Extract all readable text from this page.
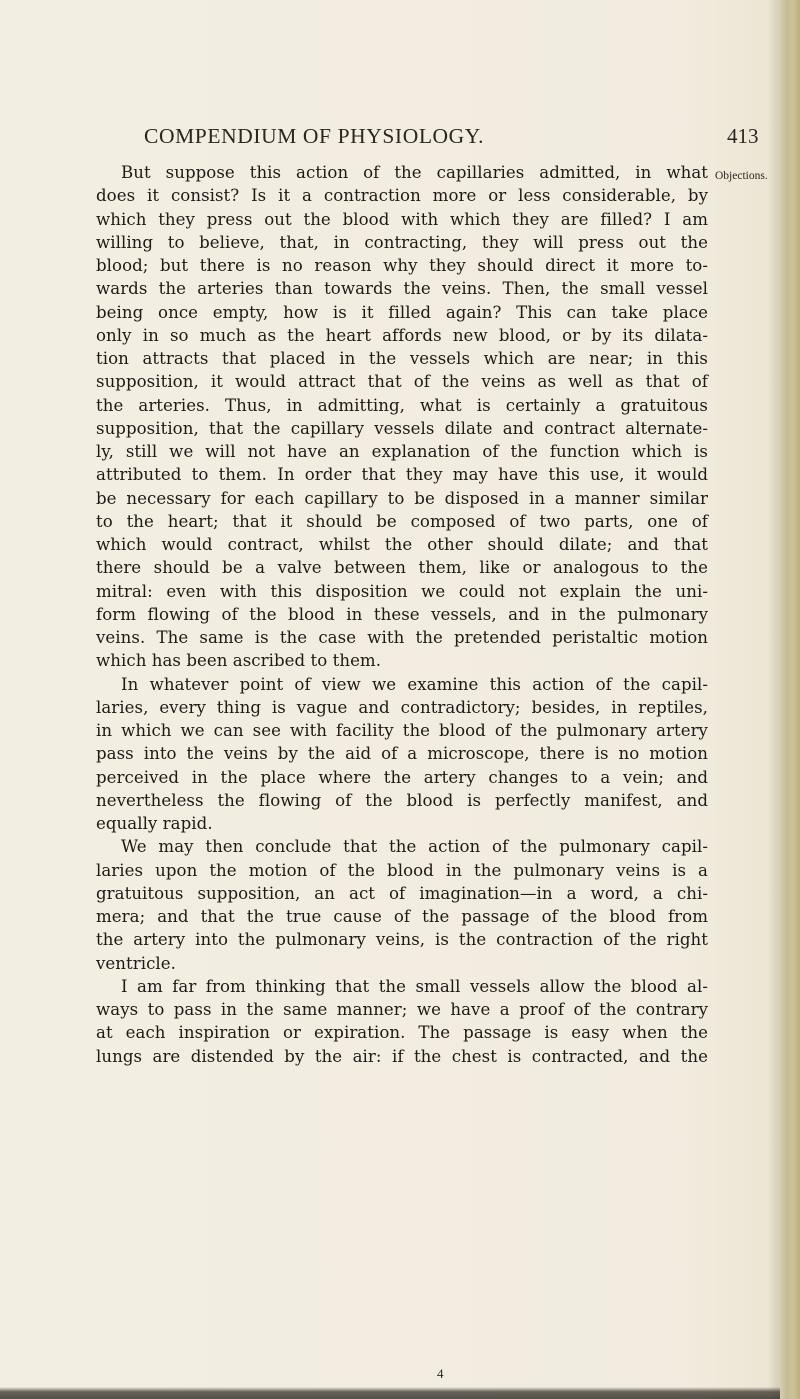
COMPENDIUM OF PHYSIOLOGY.	413
Objections.
But suppose this action of the capillaries admitted, in what
does it consist? Is it a contraction more or less considerable, by
which they press out the blood with which they are filled? I am
willing to believe, that, in contracting, they will press out the
blood; but there is no reason why they should direct it more to-
wards the arteries than towards the veins. Then, the small vessel
being once empty, how is it filled again? This can take place
only in so much as the heart affords new blood, or by its dilata-
tion attracts that placed in the vessels which are near; in this
supposition, it would attract that of the veins as well as that of
the arteries. Thus, in admitting, what is certainly a gratuitous
supposition, that the capillary vessels dilate and contract alternate-
ly, still we will not have an explanation of the function which is
attributed to them. In order that they may have this use, it would
be necessary for each capillary to be disposed in a manner similar
to the heart; that it should be composed of two parts, one of
which would contract, whilst the other should dilate; and that
there should be a valve between them, like or analogous to the
mitral: even with this disposition we could not explain the uni-
form flowing of the blood in these vessels, and in the pulmonary
veins. The same is the case with the pretended peristaltic motion
which has been ascribed to them.
In whatever point of view we examine this action of the capil-
laries, every thing is vague and contradictory; besides, in reptiles,
in which we can see with facility the blood of the pulmonary artery
pass into the veins by the aid of a microscope, there is no motion
perceived in the place where the artery changes to a vein; and
nevertheless the flowing of the blood is perfectly manifest, and
equally rapid.
We may then conclude that the action of the pulmonary capil-
laries upon the motion of the blood in the pulmonary veins is a
gratuitous supposition, an act of imagination—in a word, a chi-
mera; and that the true cause of the passage of the blood from
the artery into the pulmonary veins, is the contraction of the right
ventricle.
I am far from thinking that the small vessels allow the blood al-
ways to pass in the same manner; we have a proof of the contrary
at each inspiration or expiration. The passage is easy when the
lungs are distended by the air: if the chest is contracted, and the
4
